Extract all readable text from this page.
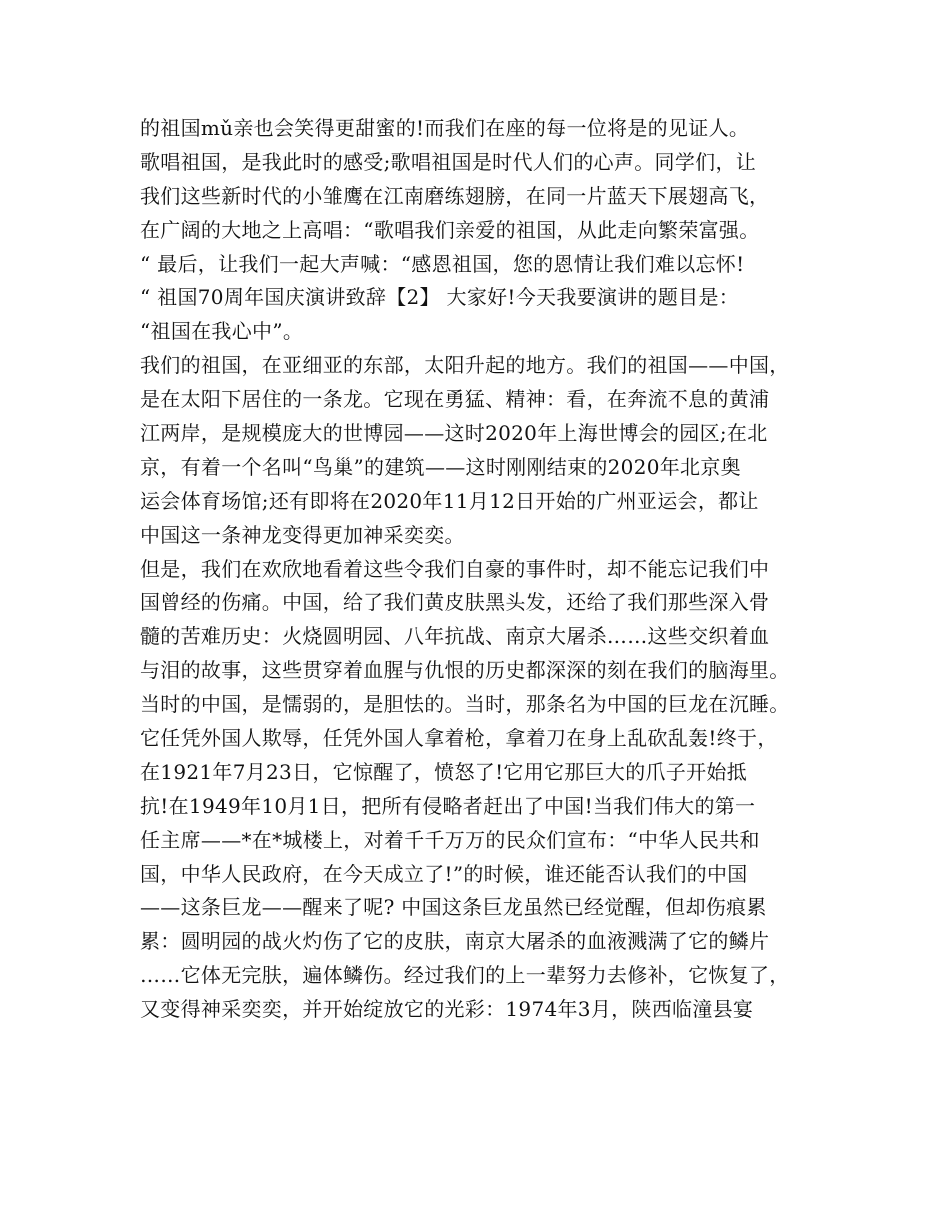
的祖国mǔ亲也会笑得更甜蜜的!而我们在座的每一位将是的见证人。
歌唱祖国，是我此时的感受;歌唱祖国是时代人们的心声。同学们，让
我们这些新时代的小雏鹰在江南磨练翅膀，在同一片蓝天下展翅高飞，
在广阔的大地之上高唱：“歌唱我们亲爱的祖国，从此走向繁荣富强。
“ 最后，让我们一起大声喊：“感恩祖国，您的恩情让我们难以忘怀!
“ 祖国70周年国庆演讲致辞【2】 大家好!今天我要演讲的题目是：
“祖国在我心中”。
我们的祖国，在亚细亚的东部，太阳升起的地方。我们的祖国——中国，
是在太阳下居住的一条龙。它现在勇猛、精神：看，在奔流不息的黄浦
江两岸，是规模庞大的世博园——这时2020年上海世博会的园区;在北
京，有着一个名叫“鸟巢”的建筑——这时刚刚结束的2020年北京奥
运会体育场馆;还有即将在2020年11月12日开始的广州亚运会，都让
中国这一条神龙变得更加神采奕奕。
但是，我们在欢欣地看着这些令我们自豪的事件时，却不能忘记我们中
国曾经的伤痛。中国，给了我们黄皮肤黑头发，还给了我们那些深入骨
髓的苦难历史：火烧圆明园、八年抗战、南京大屠杀……这些交织着血
与泪的故事，这些贯穿着血腥与仇恨的历史都深深的刻在我们的脑海里。
当时的中国，是懦弱的，是胆怯的。当时，那条名为中国的巨龙在沉睡。
它任凭外国人欺辱，任凭外国人拿着枪，拿着刀在身上乱砍乱轰!终于，
在1921年7月23日，它惊醒了，愤怒了!它用它那巨大的爪子开始抵
抗!在1949年10月1日，把所有侵略者赶出了中国!当我们伟大的第一
任主席——*在*城楼上，对着千千万万的民众们宣布：“中华人民共和
国，中华人民政府，在今天成立了!”的时候，谁还能否认我们的中国
——这条巨龙——醒来了呢? 中国这条巨龙虽然已经觉醒，但却伤痕累
累：圆明园的战火灼伤了它的皮肤，南京大屠杀的血液溅满了它的鳞片
……它体无完肤，遍体鳞伤。经过我们的上一辈努力去修补，它恢复了，
又变得神采奕奕，并开始绽放它的光彩：1974年3月，陕西临潼县宴
